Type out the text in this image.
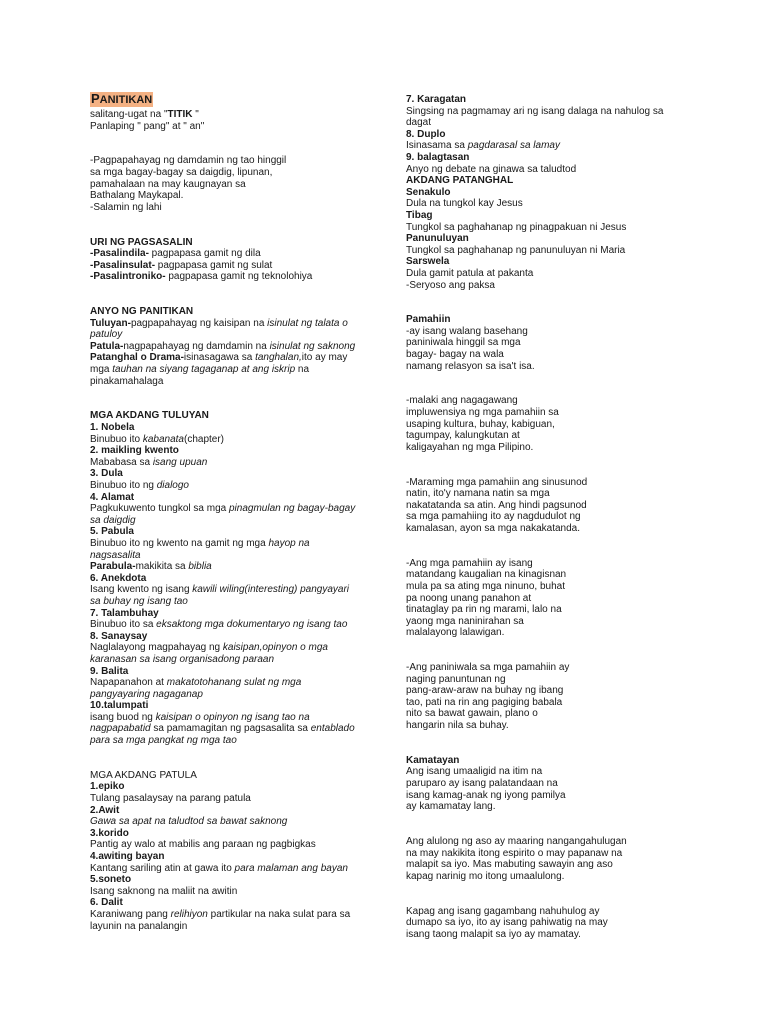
PANITIKAN
salitang-ugat na "TITIK "
Panlaping " pang" at " an"
-Pagpapahayag ng damdamin ng tao hinggil
sa mga bagay-bagay sa daigdig, lipunan,
pamahalaan na may kaugnayan sa
Bathalang Maykapal.
-Salamin ng lahi
URI NG PAGSASALIN
-Pasalindila- pagpapasa gamit ng dila
-Pasalinsulat- pagpapasa gamit ng sulat
-Pasalintroniko- pagpapasa gamit ng teknolohiya
ANYO NG PANITIKAN
Tuluyan-pagpapahayag ng kaisipan na isinulat ng talata o
patuloy
Patula-nagpapahayag ng damdamin na isinulat ng saknong
Patanghal o Drama-isinasagawa sa tanghalan,ito ay may
mga tauhan na siyang tagaganap at ang iskrip na
pinakamahalaga
MGA AKDANG TULUYAN
1. Nobela
Binubuo ito kabanata(chapter)
2. maikling kwento
Mababasa sa isang upuan
3. Dula
Binubuo ito ng dialogo
4. Alamat
Pagkukuwento tungkol sa mga pinagmulan ng bagay-bagay
sa daigdig
5. Pabula
Binubuo ito ng kwento na gamit ng mga hayop na
nagsasalita
Parabula-makikita sa biblia
6. Anekdota
Isang kwento ng isang kawili wiling(interesting) pangyayari
sa buhay ng isang tao
7. Talambuhay
Binubuo ito sa eksaktong mga dokumentaryo ng isang tao
8. Sanaysay
Naglalayong magpahayag ng kaisipan,opinyon o mga
karanasan sa isang organisadong paraan
9. Balita
Napapanahon at makatotohanang sulat ng mga
pangyayaring nagaganap
10.talumpati
isang buod ng kaisipan o opinyon ng isang tao na
nagpapabatid sa pamamagitan ng pagsasalita sa entablado
para sa mga pangkat ng mga tao
MGA AKDANG PATULA
1.epiko
Tulang pasalaysay na parang patula
2.Awit
Gawa sa apat na taludtod sa bawat saknong
3.korido
Pantig ay walo at mabilis ang paraan ng pagbigkas
4.awiting bayan
Kantang sariling atin at gawa ito para malaman ang bayan
5.soneto
Isang saknong na maliit na awitin
6. Dalit
Karaniwang pang relihiyon partikular na naka sulat para sa
layunin na panalangin
7. Karagatan
Singsing na pagmamay ari ng isang dalaga na nahulog sa
dagat
8. Duplo
Isinasama sa pagdarasal sa lamay
9. balagtasan
Anyo ng debate na ginawa sa taludtod
AKDANG PATANGHAL
Senakulo
Dula na tungkol kay Jesus
Tibag
Tungkol sa paghahanap ng pinagpakuan ni Jesus
Panunuluyan
Tungkol sa paghahanap ng panunuluyan ni Maria
Sarswela
Dula gamit patula at pakanta
-Seryoso ang paksa
Pamahiin
-ay isang walang basehang
paniniwala hinggil sa mga
bagay- bagay na wala
namang relasyon sa isa't isa.
-malaki ang nagagawang
impluwensiya ng mga pamahiin sa
usaping kultura, buhay, kabiguan,
tagumpay, kalungkutan at
kaligayahan ng mga Pilipino.
-Maraming mga pamahiin ang sinusunod
natin, ito'y namana natin sa mga
nakatatanda sa atin. Ang hindi pagsunod
sa mga pamahiing ito ay nagdudulot ng
kamalasan, ayon sa mga nakakatanda.
-Ang mga pamahiin ay isang
matandang kaugalian na kinagisnan
mula pa sa ating mga ninuno, buhat
pa noong unang panahon at
tinataglay pa rin ng marami, lalo na
yaong mga naninirahan sa
malalayong lalawigan.
-Ang paniniwala sa mga pamahiin ay
naging panuntunan ng
pang-araw-araw na buhay ng ibang
tao, pati na rin ang pagiging babala
nito sa bawat gawain, plano o
hangarin nila sa buhay.
Kamatayan
Ang isang umaaligid na itim na
paruparo ay isang palatandaan na
isang kamag-anak ng iyong pamilya
ay kamamatay lang.
Ang alulong ng aso ay maaring nangangahulugan
na may nakikita itong espirito o may papanaw na
malapit sa iyo. Mas mabuting sawayin ang aso
kapag narinig mo itong umaalulong.
Kapag ang isang gagambang nahuhulog ay
dumapo sa iyo, ito ay isang pahiwatig na may
isang taong malapit sa iyo ay mamatay.
